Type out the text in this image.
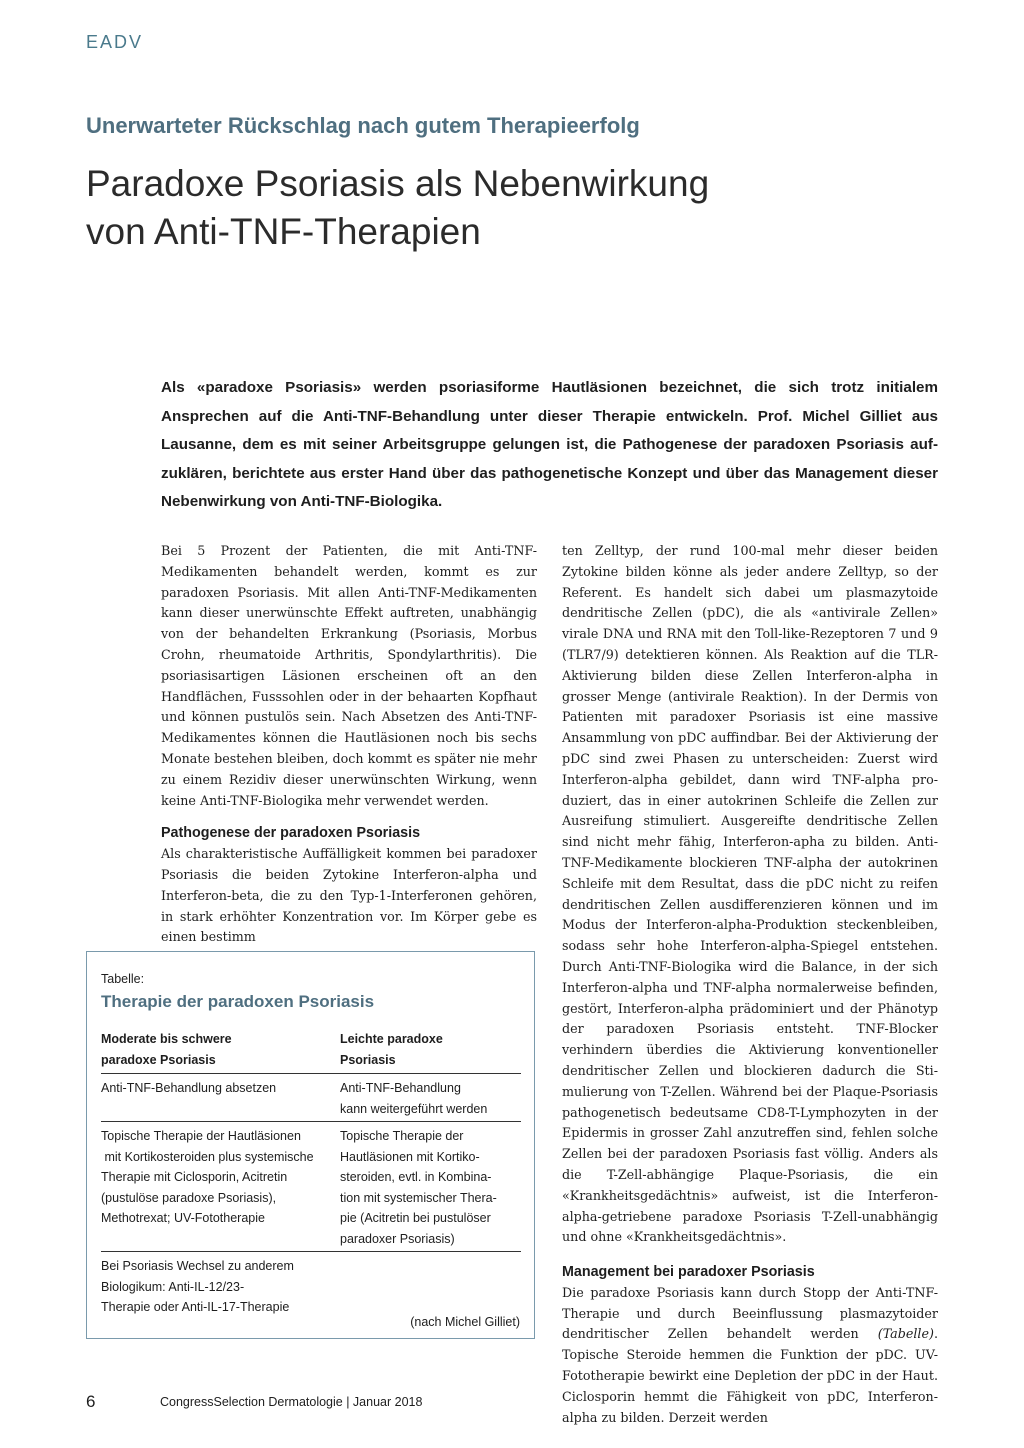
EADV
Unerwarteter Rückschlag nach gutem Therapieerfolg
Paradoxe Psoriasis als Nebenwirkung
von Anti-TNF-Therapien

Als «paradoxe Psoriasis» werden psoriasiforme Hautläsionen bezeichnet, die sich trotz initialem Ansprechen auf die Anti-TNF-Behandlung unter dieser Therapie entwickeln. Prof. Michel Gilliet aus Lausanne, dem es mit seiner Arbeitsgruppe gelungen ist, die Pathogenese der paradoxen Psoriasis aufzuklären, berichtete aus erster Hand über das pathogenetische Konzept und über das Management dieser Nebenwirkung von Anti-TNF-Biologika.

Bei 5 Prozent der Patienten, die mit Anti-TNF-Medikamenten behandelt werden, kommt es zur paradoxen Psoriasis. Mit allen Anti-TNF-Medikamenten kann dieser unerwünschte Effekt auftreten, unabhängig von der behandelten Erkrankung (Psoriasis, Morbus Crohn, rheumatoide Arthritis, Spondylarthritis). Die psoriasisartigen Läsionen erscheinen oft an den Handflächen, Fusssohlen oder in der behaarten Kopfhaut und können pustulös sein. Nach Absetzen des Anti-TNF-Medikamentes können die Hautläsionen noch bis sechs Monate bestehen bleiben, doch kommt es später nie mehr zu einem Rezidiv dieser unerwünschten Wirkung, wenn keine Anti-TNF-Biologika mehr verwendet werden.

Pathogenese der paradoxen Psoriasis

Als charakteristische Auffälligkeit kommen bei paradoxer Psoriasis die beiden Zytokine Interferon-alpha und Interferon-beta, die zu den Typ-1-Interferonen gehören, in stark erhöhter Konzentration vor. Im Körper gebe es einen bestimm

ten Zelltyp, der rund 100-mal mehr dieser beiden Zytokine bilden könne als jeder andere Zelltyp, so der Referent. Es handelt sich dabei um plasmazytoide dendritische Zellen (pDC), die als «antivirale Zellen» virale DNA und RNA mit den Toll-like-Rezeptoren 7 und 9 (TLR7/9) detektieren können. Als Reaktion auf die TLR-Aktivierung bilden diese Zellen Interferon-alpha in grosser Menge (antivirale Reaktion). In der Dermis von Patienten mit paradoxer Psoriasis ist eine massive Ansammlung von pDC auffindbar. Bei der Aktivierung der pDC sind zwei Phasen zu unterscheiden: Zuerst wird Interferon-alpha gebildet, dann wird TNF-alpha produziert, das in einer autokrinen Schleife die Zellen zur Ausreifung stimuliert. Ausgereifte dendritische Zellen sind nicht mehr fähig, Interferon-apha zu bilden. Anti-TNF-Medikamente blockieren TNF-alpha der autokrinen Schleife mit dem Resultat, dass die pDC nicht zu reifen dendritischen Zellen ausdifferenzieren können und im Modus der Interferon-alpha-Produktion steckenbleiben, sodass sehr hohe Interferon-alpha-Spiegel entstehen. Durch Anti-TNF-Biologika wird die Balance, in der sich Interferon-alpha und TNF-alpha normalerweise befinden, gestört, Interferon-alpha prädominiert und der Phänotyp der paradoxen Psoriasis entsteht. TNF-Blocker verhindern überdies die Aktivierung konventioneller dendritischer Zellen und blockieren dadurch die Stimulierung von T-Zellen. Während bei der Plaque-Psoriasis pathogenetisch bedeutsame CD8-T-Lymphozyten in der Epidermis in grosser Zahl anzutreffen sind, fehlen solche Zellen bei der paradoxen Psoriasis fast völlig. Anders als die T-Zell-abhängige Plaque-Psoriasis, die ein «Krankheitsgedächtnis» aufweist, ist die Interferon-alpha-getriebene paradoxe Psoriasis T-Zell-unabhängig und ohne «Krankheitsgedächtnis».

Management bei paradoxer Psoriasis

Die paradoxe Psoriasis kann durch Stopp der Anti-TNF-Therapie und durch Beeinflussung plasmazytoider dendritischer Zellen behandelt werden (Tabelle). Topische Steroide hemmen die Funktion der pDC. UV-Fototherapie bewirkt eine Depletion der pDC in der Haut. Ciclosporin hemmt die Fähigkeit von pDC, Interferon-alpha zu bilden. Derzeit werden

Tabelle:
Therapie der paradoxen Psoriasis
Moderate bis schwere
paradoxe Psoriasis
Leichte paradoxe
Psoriasis
Anti-TNF-Behandlung absetzen	Anti-TNF-Behandlung
kann weitergeführt werden
Topische Therapie der Hautläsionen
mit Kortikosteroiden plus systemische
Therapie mit Ciclosporin, Acitretin
(pustulöse paradoxe Psoriasis),
Methotrexat; UV-Fototherapie
Topische Therapie der
Hautläsionen mit Kortiko-
steroiden, evtl. in Kombina-
tion mit systemischer Thera-
pie (Acitretin bei pustulöser
paradoxer Psoriasis)
Bei Psoriasis Wechsel zu anderem
Biologikum: Anti-IL-12/23-
Therapie oder Anti-IL-17-Therapie
(nach Michel Gilliet)
6	CongressSelection Dermatologie | Januar 2018
